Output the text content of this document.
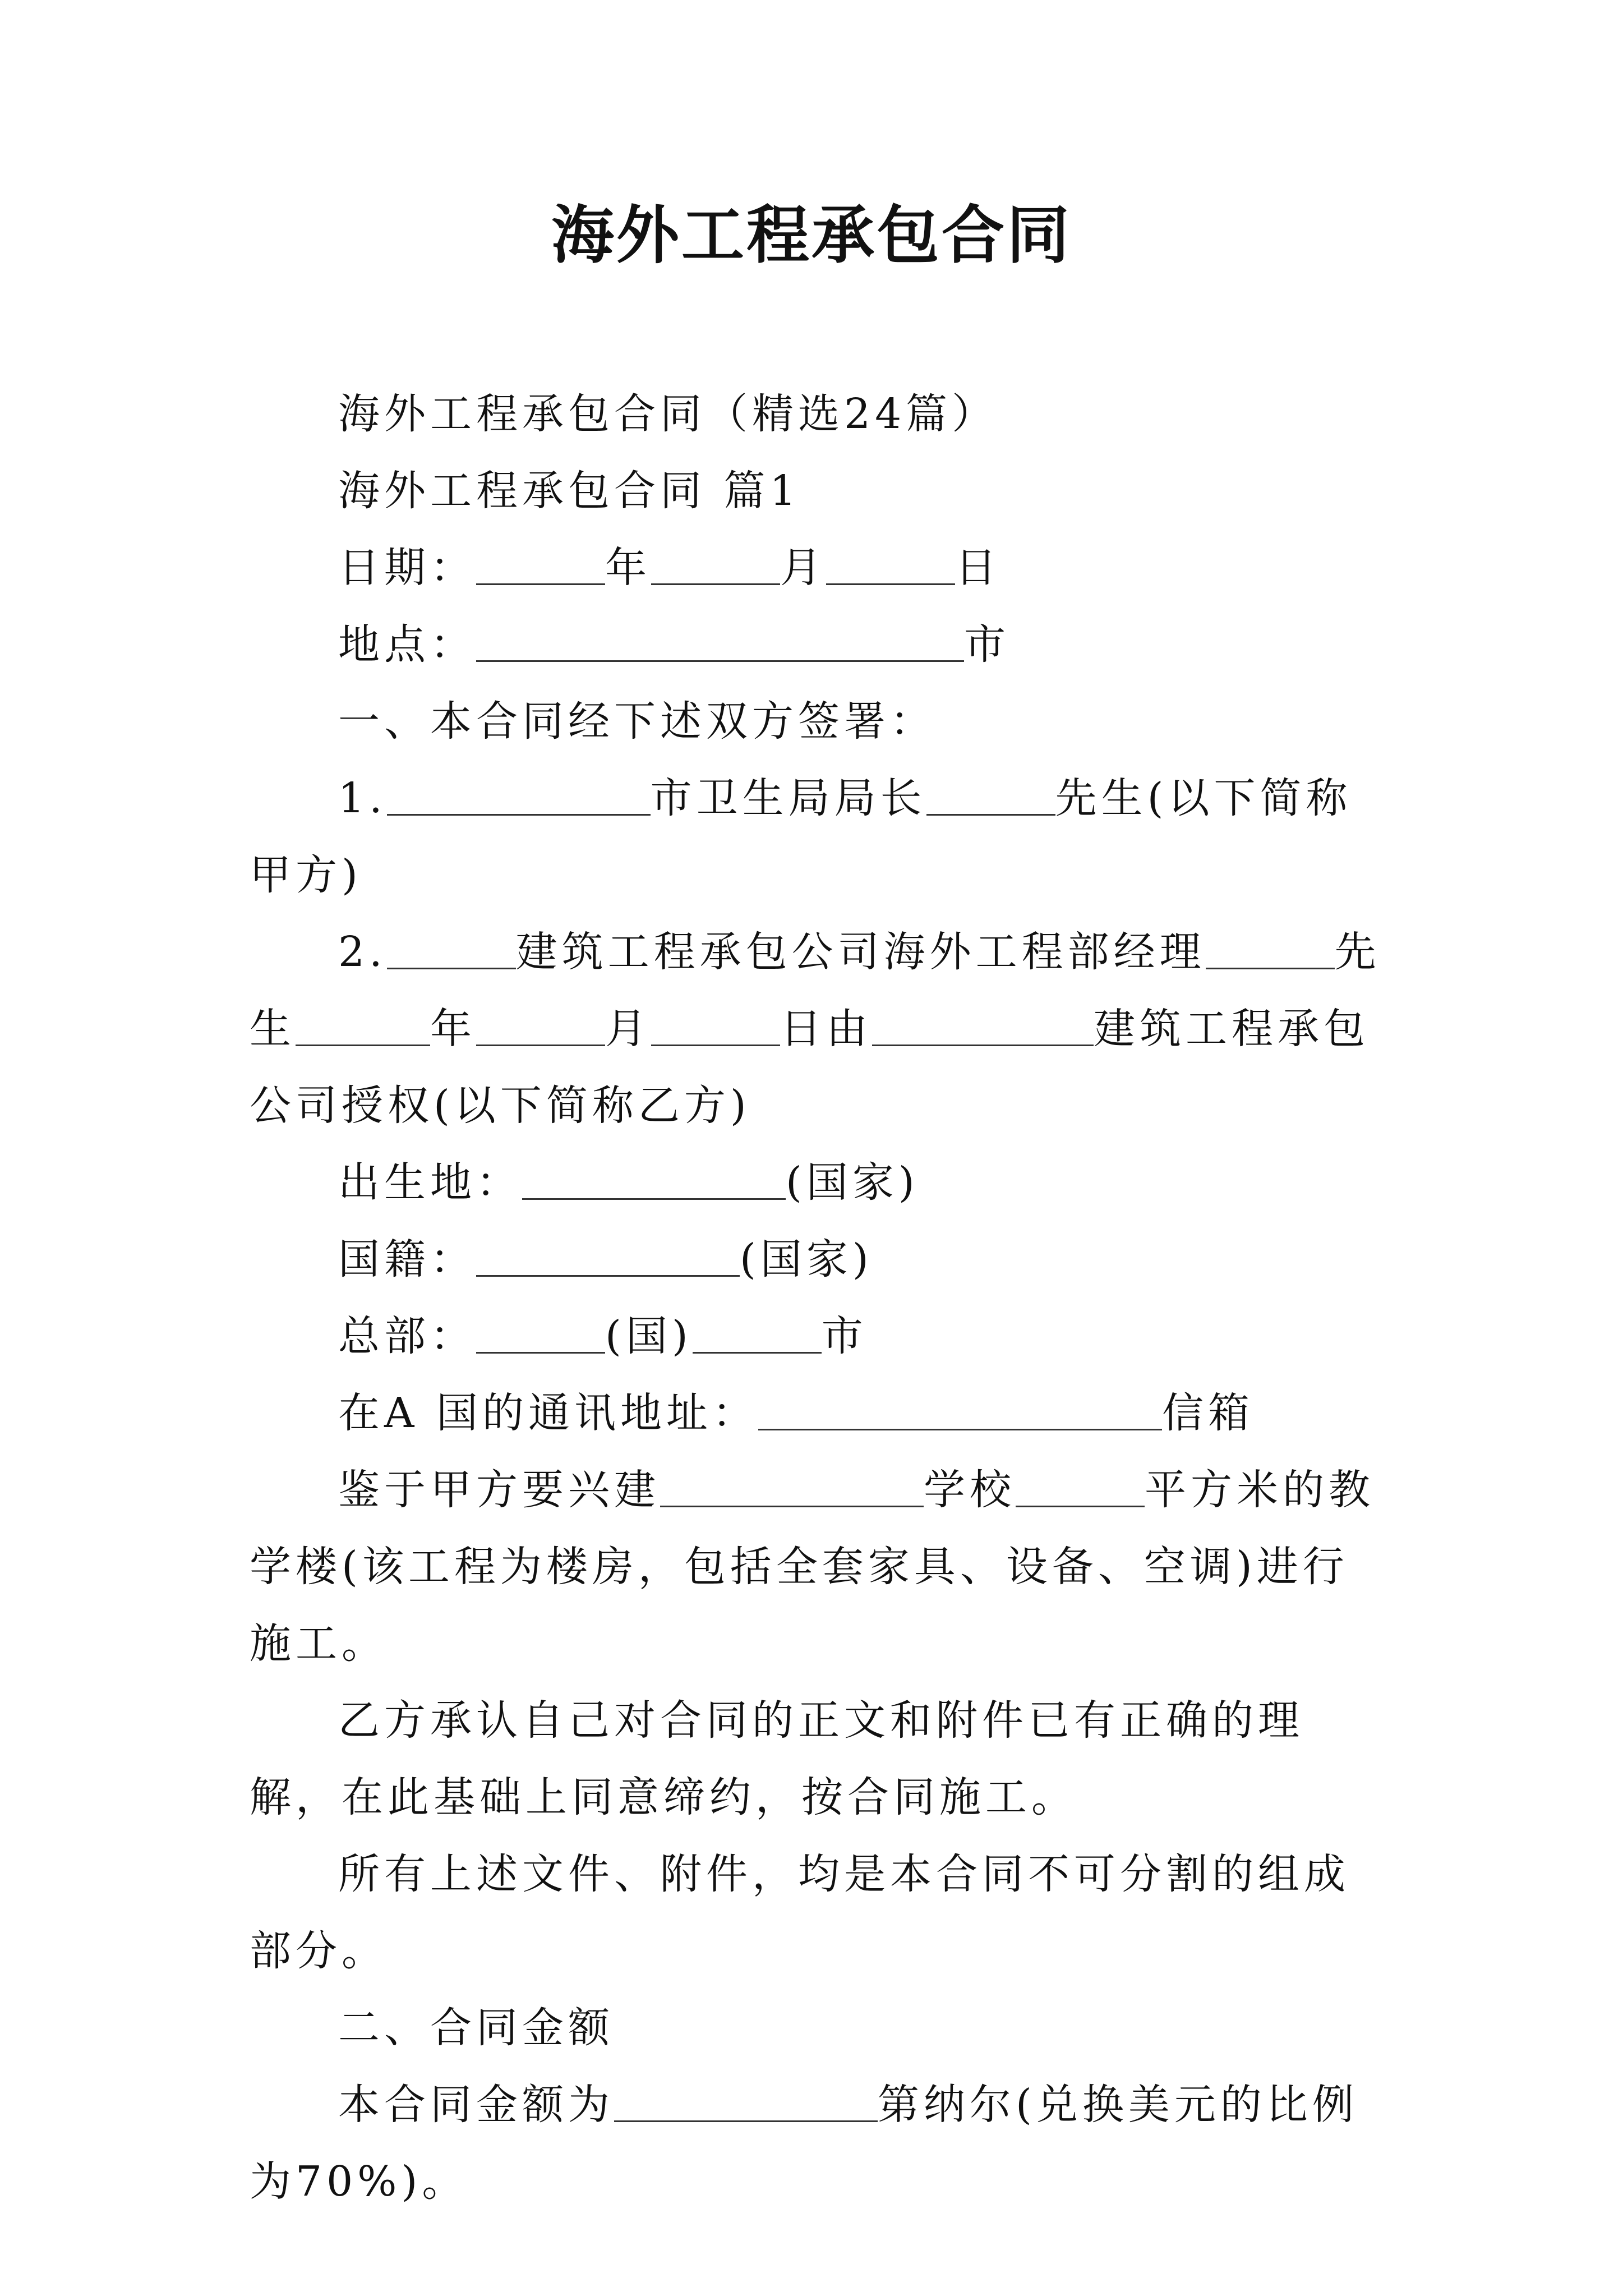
海外工程承包合同

海外工程承包合同（精选24篇）

海外工程承包合同 篇1

日期：	年	月	日

地点：	市

一、本合同经下述双方签署：

1.	市卫生局局长	先生(以下简称甲方)

2.	建筑工程承包公司海外工程部经理	先生	年	月	日由	建筑工程承包公司授权(以下简称乙方)

出生地：	(国家)

国籍：	(国家)

总部：	(国)	市

在A 国的通讯地址：	信箱

鉴于甲方要兴建	学校	平方米的教学楼(该工程为楼房，包括全套家具、设备、空调)进行施工。

乙方承认自己对合同的正文和附件已有正确的理解，在此基础上同意缔约，按合同施工。

所有上述文件、附件，均是本合同不可分割的组成部分。

二、合同金额

本合同金额为	第纳尔(兑换美元的比例为70%)。
